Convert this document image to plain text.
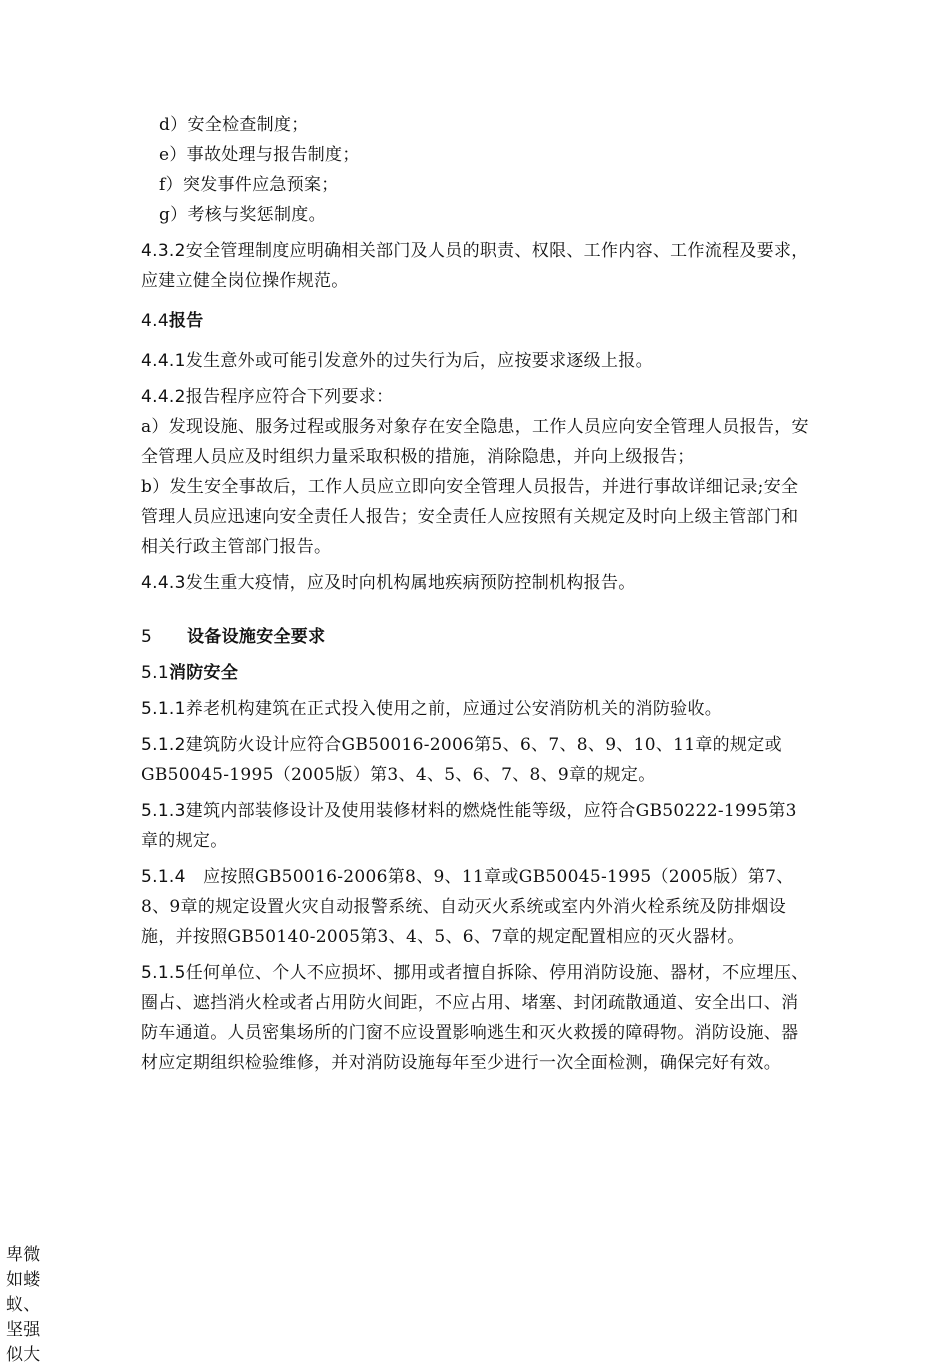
d）安全检查制度；

e）事故处理与报告制度；

f）突发事件应急预案；

g）考核与奖惩制度。

4.3.2安全管理制度应明确相关部门及人员的职责、权限、工作内容、工作流程及要求，应建立健全岗位操作规范。

4.4报告

4.4.1发生意外或可能引发意外的过失行为后，应按要求逐级上报。

4.4.2报告程序应符合下列要求：

a）发现设施、服务过程或服务对象存在安全隐患，工作人员应向安全管理人员报告，安全管理人员应及时组织力量采取积极的措施，消除隐患，并向上级报告；

b）发生安全事故后，工作人员应立即向安全管理人员报告，并进行事故详细记录;安全管理人员应迅速向安全责任人报告；安全责任人应按照有关规定及时向上级主管部门和相关行政主管部门报告。

4.4.3发生重大疫情，应及时向机构属地疾病预防控制机构报告。

5 设备设施安全要求

5.1消防安全

5.1.1养老机构建筑在正式投入使用之前，应通过公安消防机关的消防验收。

5.1.2建筑防火设计应符合GB50016-2006第5、6、7、8、9、10、11章的规定或GB50045-1995（2005版）第3、4、5、6、7、8、9章的规定。

5.1.3建筑内部装修设计及使用装修材料的燃烧性能等级，应符合GB50222-1995第3章的规定。

5.1.4　应按照GB50016-2006第8、9、11章或GB50045-1995（2005版）第7、8、9章的规定设置火灾自动报警系统、自动灭火系统或室内外消火栓系统及防排烟设施，并按照GB50140-2005第3、4、5、6、7章的规定配置相应的灭火器材。

5.1.5任何单位、个人不应损坏、挪用或者擅自拆除、停用消防设施、器材，不应埋压、圈占、遮挡消火栓或者占用防火间距，不应占用、堵塞、封闭疏散通道、安全出口、消防车通道。人员密集场所的门窗不应设置影响逃生和灭火救援的障碍物。消防设施、器材应定期组织检验维修，并对消防设施每年至少进行一次全面检测，确保完好有效。

卑微如蝼蚁、坚强似大
